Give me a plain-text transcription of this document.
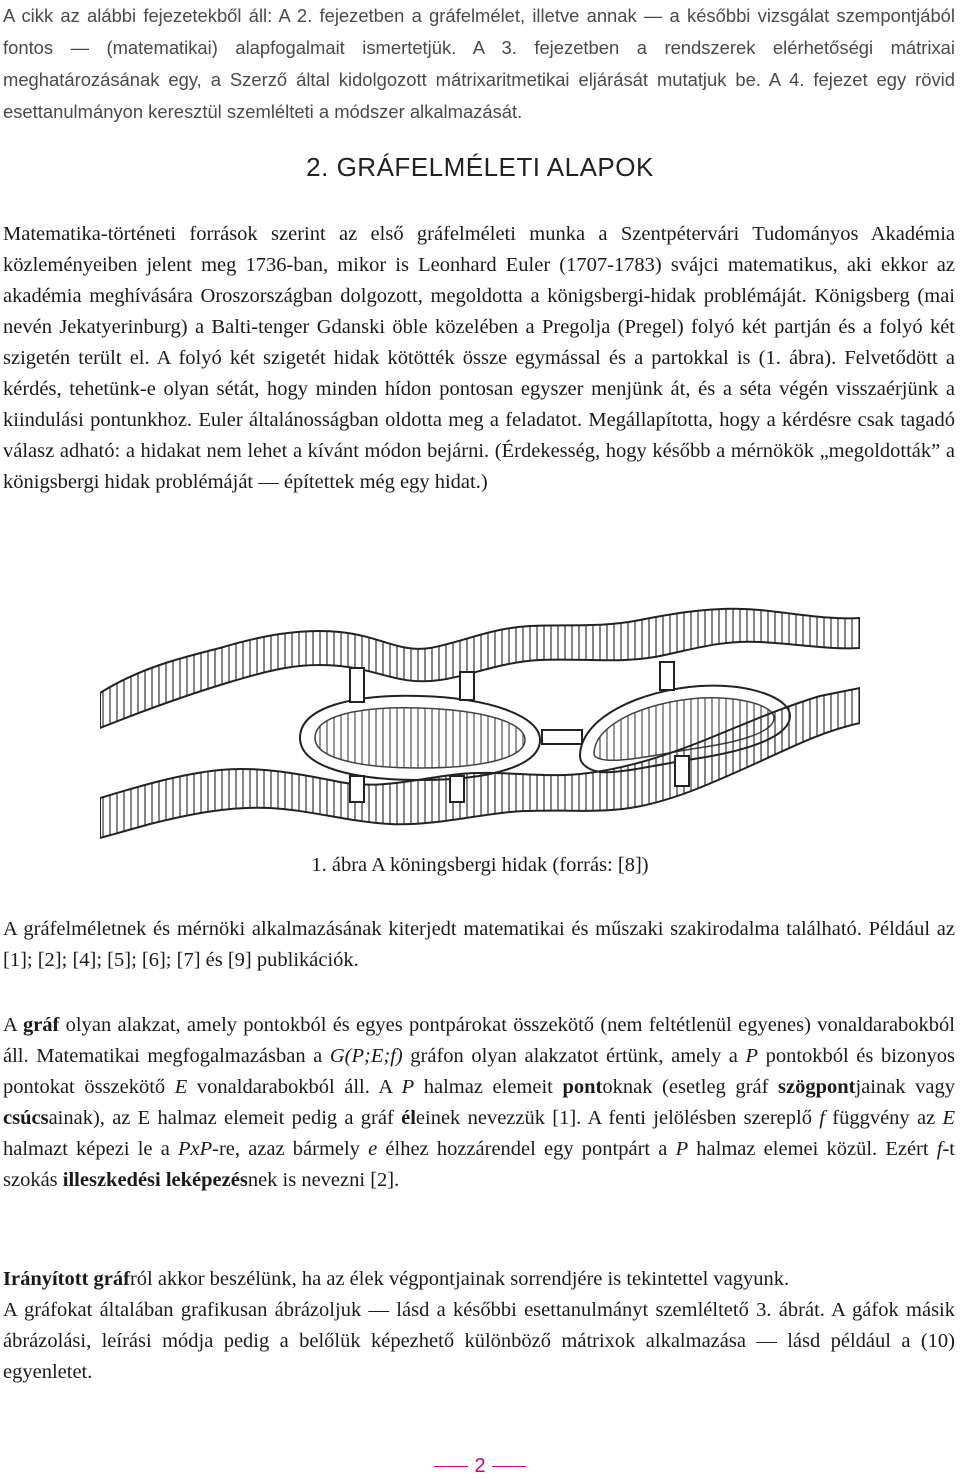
A cikk az alábbi fejezetekből áll: A 2. fejezetben a gráfelmélet, illetve annak — a későbbi vizsgálat szempontjából fontos — (matematikai) alapfogalmait ismertetjük. A 3. fejezetben a rendszerek elérhetőségi mátrixai meghatározásának egy, a Szerző által kidolgozott mátrixaritmetikai eljárását mutatjuk be. A 4. fejezet egy rövid esettanulmányon keresztül szemlélteti a módszer alkalmazását.
2. GRÁFELMÉLETI ALAPOK
Matematika-történeti források szerint az első gráfelméleti munka a Szentpétervári Tudományos Akadémia közleményeiben jelent meg 1736-ban, mikor is Leonhard Euler (1707-1783) svájci matematikus, aki ekkor az akadémia meghívására Oroszországban dolgozott, megoldotta a königsbergi-hidak problémáját. Königsberg (mai nevén Jekatyerinburg) a Balti-tenger Gdanski öble közelében a Pregolja (Pregel) folyó két partján és a folyó két szigetén terült el. A folyó két szigetét hidak kötötték össze egymással és a partokkal is (1. ábra). Felvetődött a kérdés, tehetünk-e olyan sétát, hogy minden hídon pontosan egyszer menjünk át, és a séta végén visszaérjünk a kiindulási pontunkhoz. Euler általánosságban oldotta meg a feladatot. Megállapította, hogy a kérdésre csak tagadó válasz adható: a hidakat nem lehet a kívánt módon bejárni. (Érdekesség, hogy később a mérnökök „megoldották” a königsbergi hidak problémáját — építettek még egy hidat.)
1. ábra A köningsbergi hidak (forrás: [8])
A gráfelméletnek és mérnöki alkalmazásának kiterjedt matematikai és műszaki szakirodalma található. Például az [1]; [2]; [4]; [5]; [6]; [7] és [9] publikációk.
A gráf olyan alakzat, amely pontokból és egyes pontpárokat összekötő (nem feltétlenül egyenes) vonaldarabokból áll. Matematikai megfogalmazásban a G(P;E;f) gráfon olyan alakzatot értünk, amely a P pontokból és bizonyos pontokat összekötő E vonaldarabokból áll. A P halmaz elemeit pontoknak (esetleg gráf szögpontjainak vagy csúcsainak), az E halmaz elemeit pedig a gráf éleinek nevezzük [1]. A fenti jelölésben szereplő f függvény az E halmazt képezi le a PxP-re, azaz bármely e élhez hozzárendel egy pontpárt a P halmaz elemei közül. Ezért f-t szokás illeszkedési leképezésnek is nevezni [2].
Irányított gráfról akkor beszélünk, ha az élek végpontjainak sorrendjére is tekintettel vagyunk.
A gráfokat általában grafikusan ábrázoljuk — lásd a későbbi esettanulmányt szemléltető 3. ábrát. A gáfok másik ábrázolási, leírási módja pedig a belőlük képezhető különböző mátrixok alkalmazása — lásd például a (10) egyenletet.
2
